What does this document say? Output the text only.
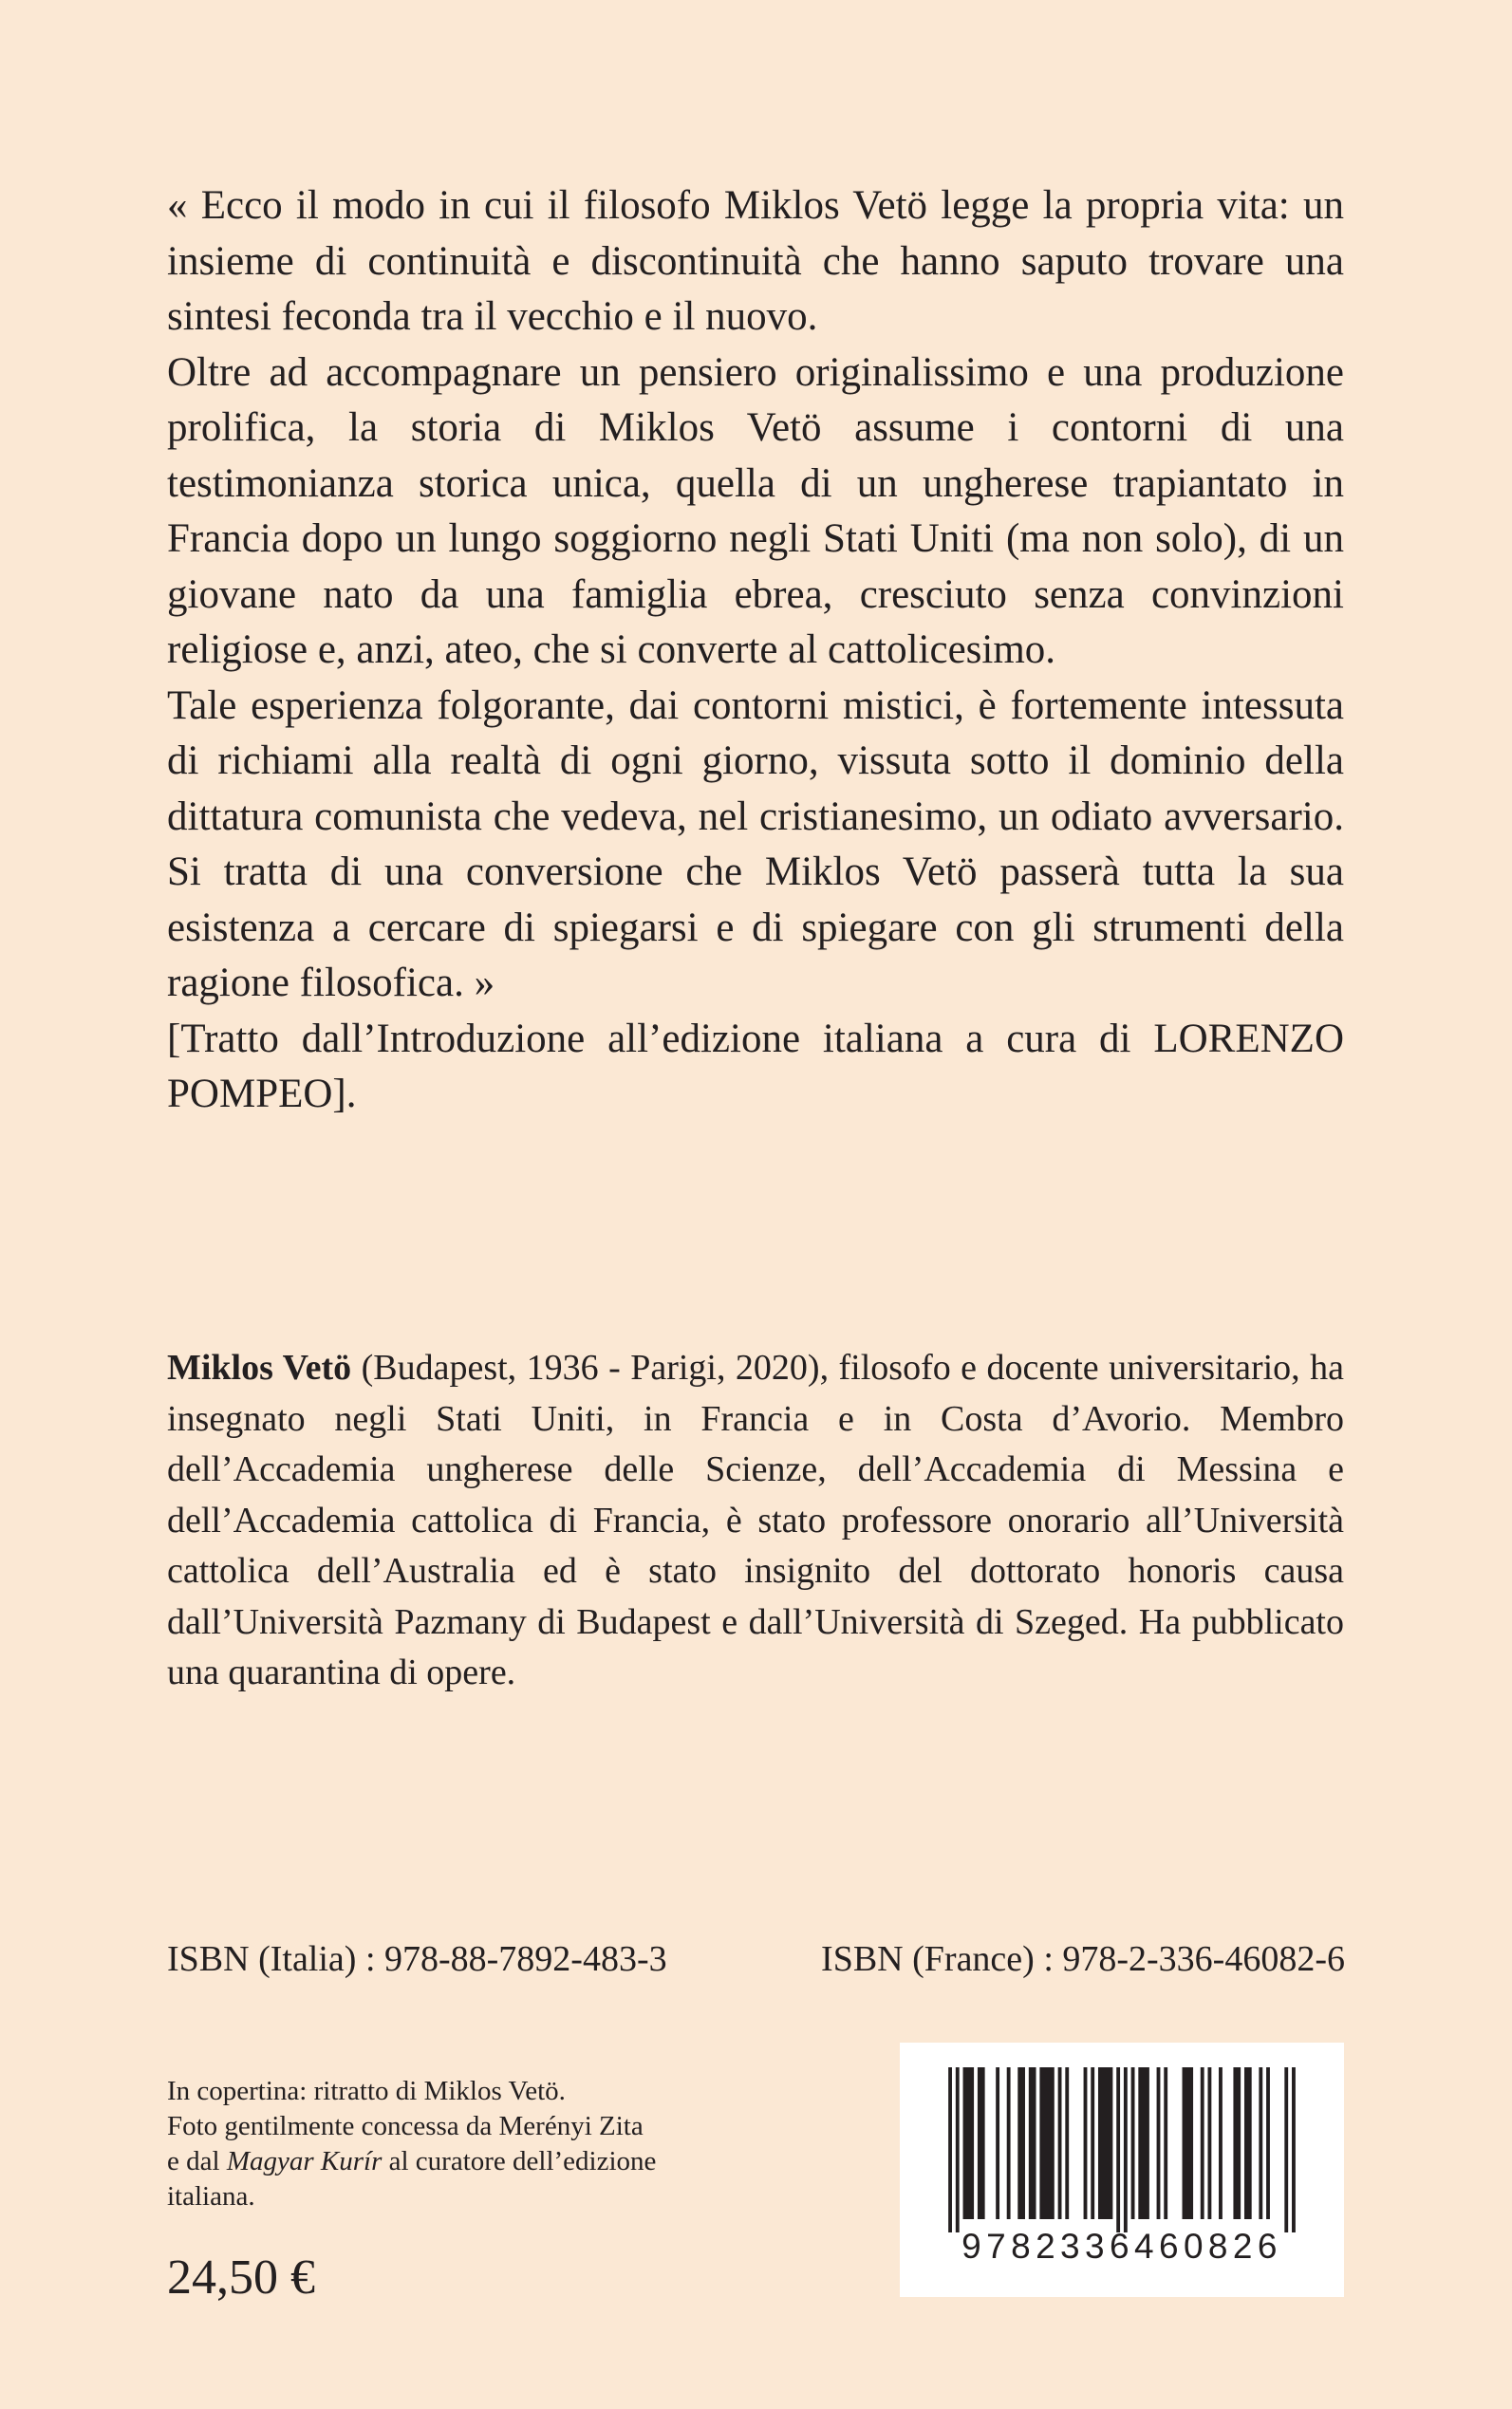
« Ecco il modo in cui il filosofo Miklos Vetö legge la propria vita: un insieme di continuità e discontinuità che hanno saputo trovare una sintesi feconda tra il vecchio e il nuovo.

Oltre ad accompagnare un pensiero originalissimo e una produzione prolifica, la storia di Miklos Vetö assume i contorni di una testimonianza storica unica, quella di un ungherese trapiantato in Francia dopo un lungo soggiorno negli Stati Uniti (ma non solo), di un giovane nato da una famiglia ebrea, cresciuto senza convinzioni religiose e, anzi, ateo, che si converte al cattolicesimo.

Tale esperienza folgorante, dai contorni mistici, è fortemente intessuta di richiami alla realtà di ogni giorno, vissuta sotto il dominio della dittatura comunista che vedeva, nel cristianesimo, un odiato avversario. Si tratta di una conversione che Miklos Vetö passerà tutta la sua esistenza a cercare di spiegarsi e di spiegare con gli strumenti della ragione filosofica. »

[Tratto dall’Introduzione all’edizione italiana a cura di LORENZO POMPEO].

Miklos Vetö (Budapest, 1936 - Parigi, 2020), filosofo e docente universitario, ha insegnato negli Stati Uniti, in Francia e in Costa d’Avorio. Membro dell’Accademia ungherese delle Scienze, dell’Accademia di Messina e dell’Accademia cattolica di Francia, è stato professore onorario all’Università cattolica dell’Australia ed è stato insignito del dottorato honoris causa dall’Università Pazmany di Budapest e dall’Università di Szeged. Ha pubblicato una quarantina di opere.

ISBN (Italia) : 978-88-7892-483-3	ISBN (France) : 978-2-336-46082-6

In copertina: ritratto di Miklos Vetö.

Foto gentilmente concessa da Merényi Zita

e dal Magyar Kurír al curatore dell’edizione

italiana.

24,50 €
9782336460826
